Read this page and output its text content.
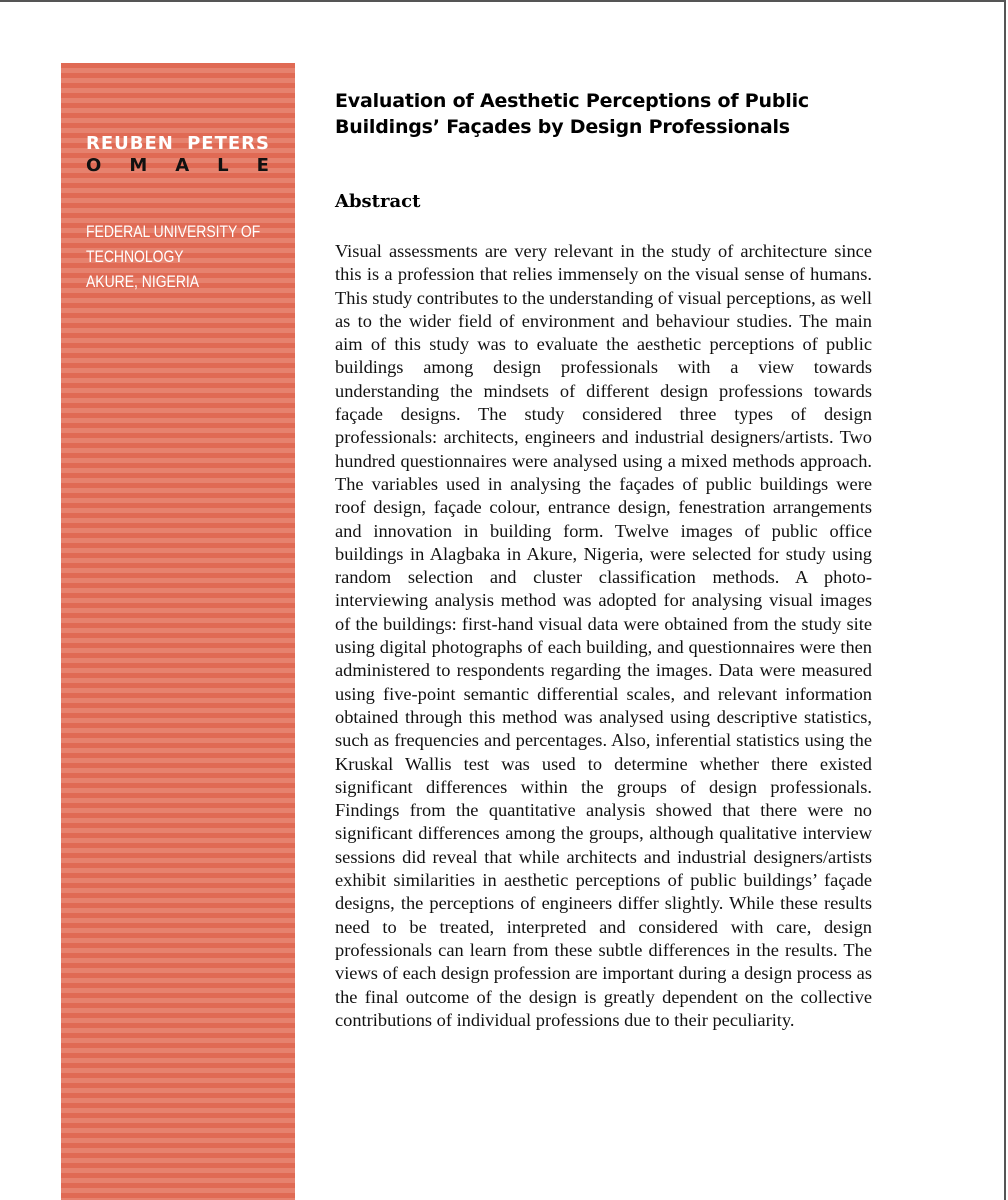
REUBEN PETERS
O M A L E
FEDERAL UNIVERSITY OF
TECHNOLOGY
AKURE, NIGERIA
Evaluation of Aesthetic Perceptions of Public
Buildings’ Façades by Design Professionals
Abstract

Visual assessments are very relevant in the study of architecture since this is a profession that relies immensely on the visual sense of humans. This study contributes to the understanding of visual perceptions, as well as to the wider field of environment and behaviour studies. The main aim of this study was to evaluate the aesthetic perceptions of public buildings among design professionals with a view towards understanding the mindsets of different design professions towards façade designs. The study considered three types of design professionals: architects, engineers and industrial designers/artists. Two hundred questionnaires were analysed using a mixed methods approach. The variables used in analysing the façades of public buildings were roof design, façade colour, entrance design, fenestration arrangements and innovation in building form. Twelve images of public office buildings in Alagbaka in Akure, Nigeria, were selected for study using random selection and cluster classification methods. A photo-interviewing analysis method was adopted for analysing visual images of the buildings: first-hand visual data were obtained from the study site using digital photographs of each building, and questionnaires were then administered to respondents regarding the images. Data were measured using five-point semantic differential scales, and relevant information obtained through this method was analysed using descriptive statistics, such as frequencies and percentages. Also, inferential statistics using the Kruskal Wallis test was used to determine whether there existed significant differences within the groups of design professionals. Findings from the quantitative analysis showed that there were no significant differences among the groups, although qualitative interview sessions did reveal that while architects and industrial designers/artists exhibit similarities in aesthetic perceptions of public buildings’ façade designs, the perceptions of engineers differ slightly. While these results need to be treated, interpreted and considered with care, design professionals can learn from these subtle differences in the results. The views of each design profession are important during a design process as the final outcome of the design is greatly dependent on the collective contributions of individual professions due to their peculiarity.
